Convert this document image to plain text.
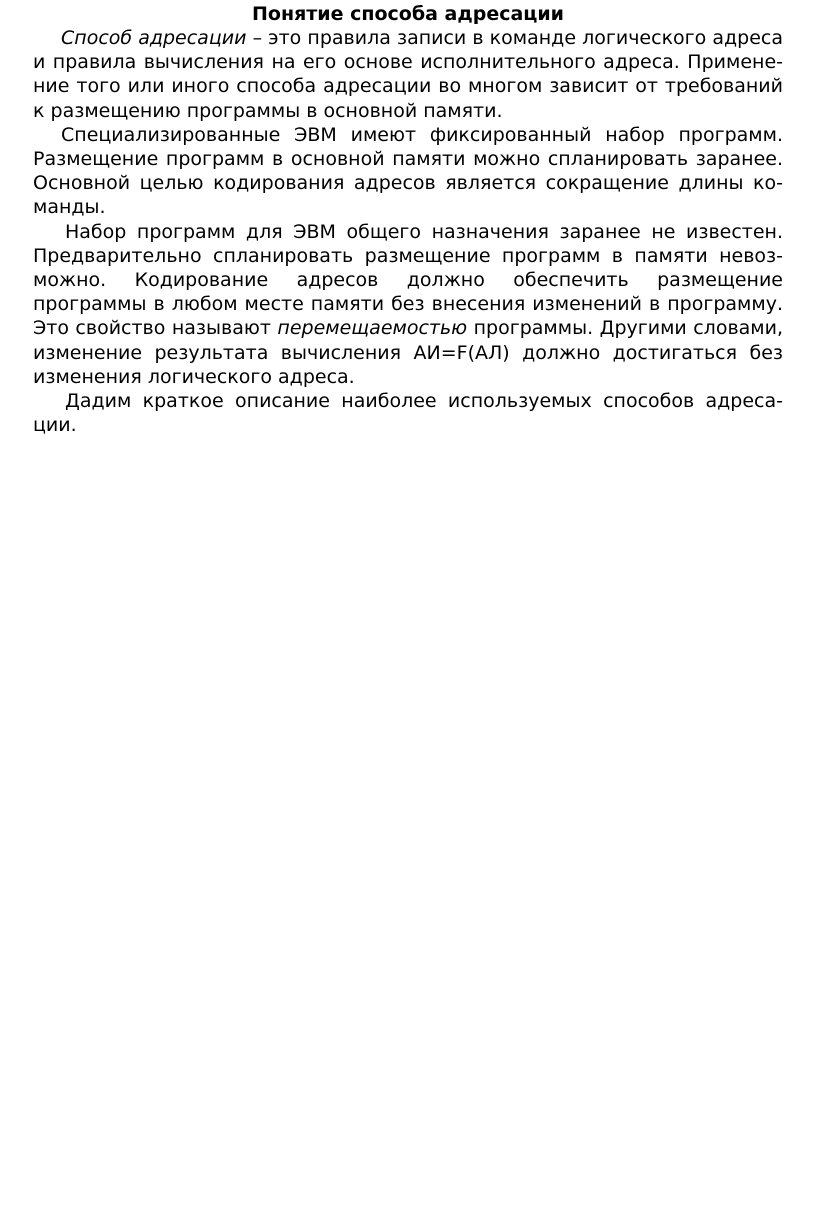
Понятие способа адресации

Способ адресации – это правила записи в команде логического адреса и правила вычисления на его основе исполнительного адреса. Применение того или иного способа адресации во многом зависит от требований к размещению программы в основной памяти.

Специализированные ЭВМ имеют фиксированный набор программ. Размещение программ в основной памяти можно спланировать заранее. Основной целью кодирования адресов является сокращение длины команды.

Набор программ для ЭВМ общего назначения заранее не известен. Предварительно спланировать размещение программ в памяти невозможно. Кодирование адресов должно обеспечить размещение программы в любом месте памяти без внесения изменений в программу. Это свойство называют перемещаемостью программы. Другими словами, изменение результата вычисления АИ=F(АЛ) должно достигаться без изменения логического адреса.

Дадим краткое описание наиболее используемых способов адресации.
